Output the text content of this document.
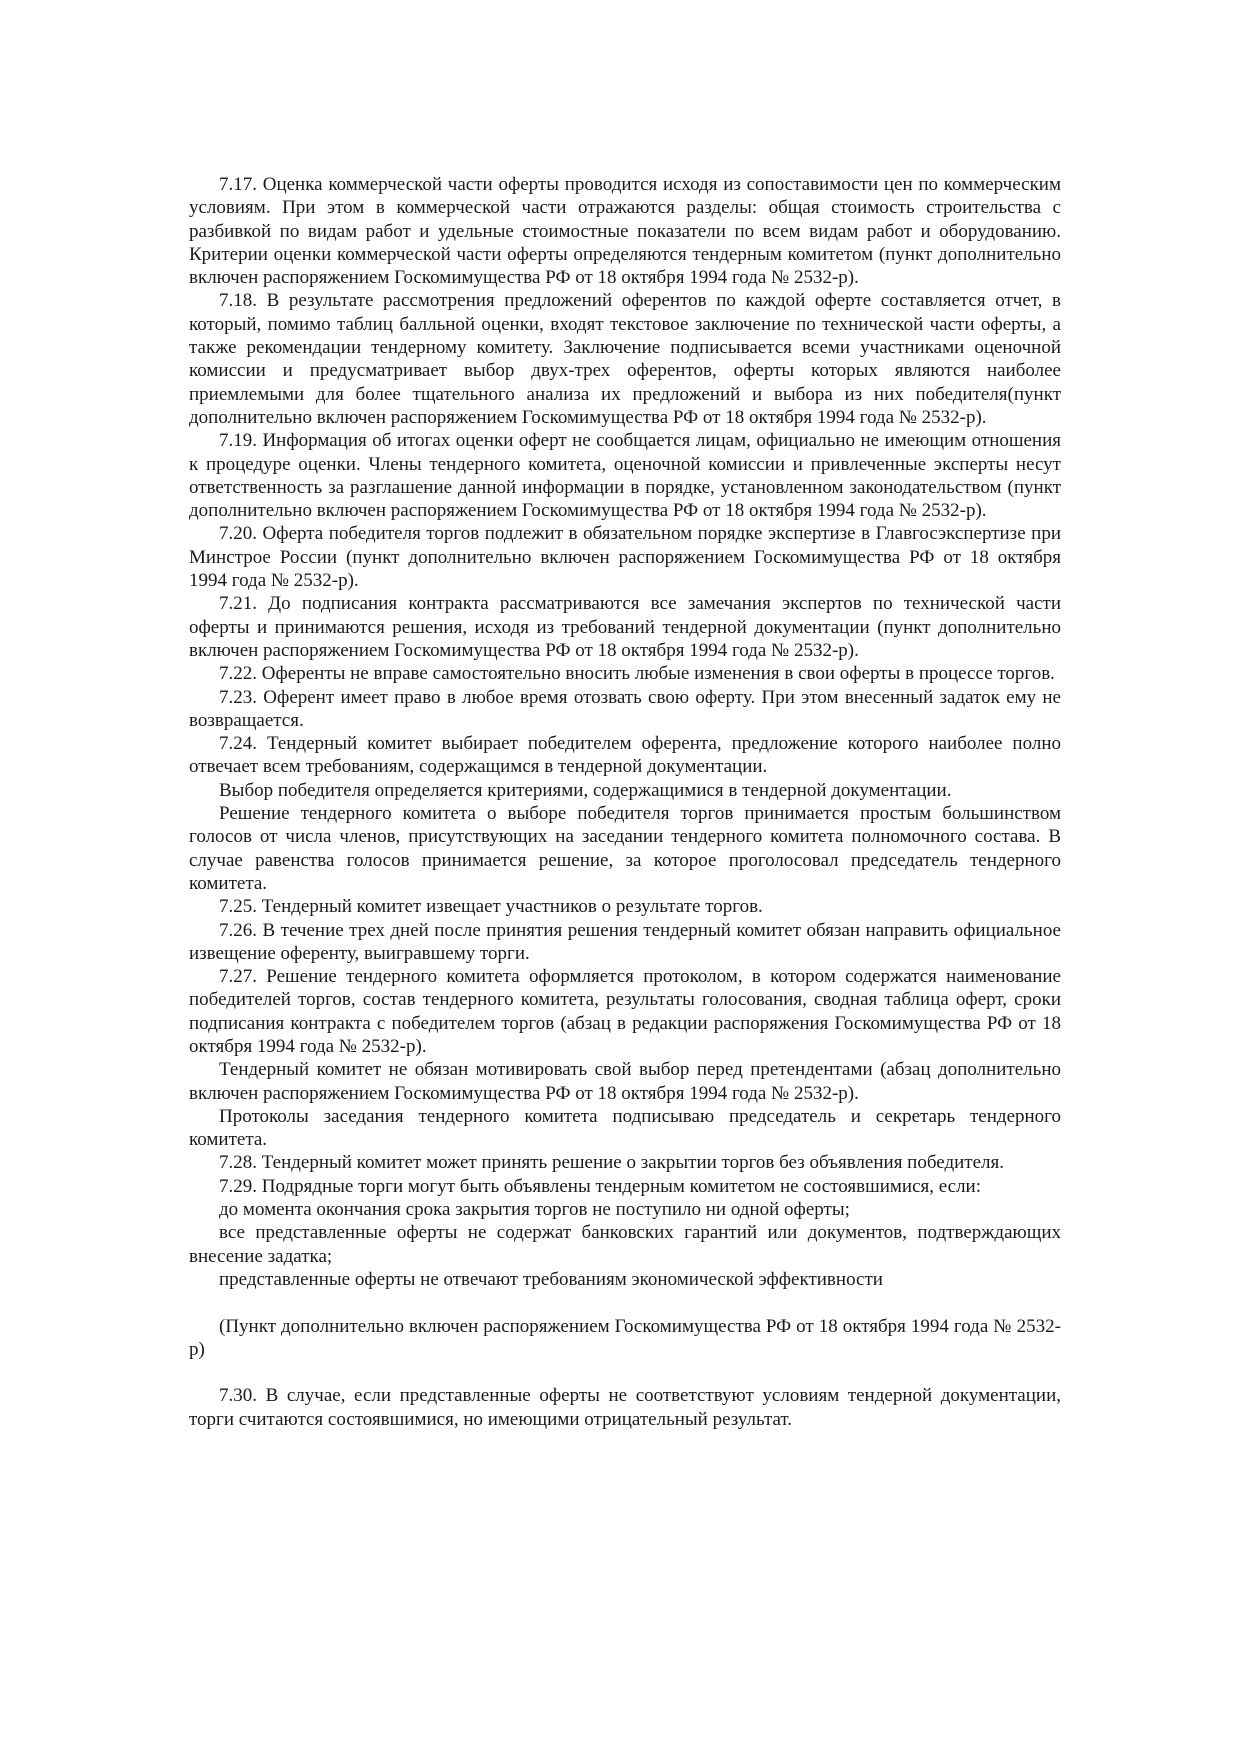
7.17. Оценка коммерческой части оферты проводится исходя из сопоставимости цен по коммерческим условиям. При этом в коммерческой части отражаются разделы: общая стоимость строительства с разбивкой по видам работ и удельные стоимостные показатели по всем видам работ и оборудованию. Критерии оценки коммерческой части оферты определяются тендерным комитетом (пункт дополнительно включен распоряжением Госкомимущества РФ от 18 октября 1994 года № 2532-р).

7.18. В результате рассмотрения предложений оферентов по каждой оферте составляется отчет, в который, помимо таблиц балльной оценки, входят текстовое заключение по технической части оферты, а также рекомендации тендерному комитету. Заключение подписывается всеми участниками оценочной комиссии и предусматривает выбор двух-трех оферентов, оферты которых являются наиболее приемлемыми для более тщательного анализа их предложений и выбора из них победителя(пункт дополнительно включен распоряжением Госкомимущества РФ от 18 октября 1994 года № 2532-р).

7.19. Информация об итогах оценки оферт не сообщается лицам, официально не имеющим отношения к процедуре оценки. Члены тендерного комитета, оценочной комиссии и привлеченные эксперты несут ответственность за разглашение данной информации в порядке, установленном законодательством (пункт дополнительно включен распоряжением Госкомимущества РФ от 18 октября 1994 года № 2532-р).

7.20. Оферта победителя торгов подлежит в обязательном порядке экспертизе в Главгосэкспертизе при Минстрое России (пункт дополнительно включен распоряжением Госкомимущества РФ от 18 октября 1994 года № 2532-р).

7.21. До подписания контракта рассматриваются все замечания экспертов по технической части оферты и принимаются решения, исходя из требований тендерной документации (пункт дополнительно включен распоряжением Госкомимущества РФ от 18 октября 1994 года № 2532-р).

7.22. Оференты не вправе самостоятельно вносить любые изменения в свои оферты в процессе торгов.

7.23. Оферент имеет право в любое время отозвать свою оферту. При этом внесенный задаток ему не возвращается.

7.24. Тендерный комитет выбирает победителем оферента, предложение которого наиболее полно отвечает всем требованиям, содержащимся в тендерной документации.

Выбор победителя определяется критериями, содержащимися в тендерной документации.

Решение тендерного комитета о выборе победителя торгов принимается простым большинством голосов от числа членов, присутствующих на заседании тендерного комитета полномочного состава. В случае равенства голосов принимается решение, за которое проголосовал председатель тендерного комитета.

7.25. Тендерный комитет извещает участников о результате торгов.

7.26. В течение трех дней после принятия решения тендерный комитет обязан направить официальное извещение оференту, выигравшему торги.

7.27. Решение тендерного комитета оформляется протоколом, в котором содержатся наименование победителей торгов, состав тендерного комитета, результаты голосования, сводная таблица оферт, сроки подписания контракта с победителем торгов (абзац в редакции распоряжения Госкомимущества РФ от 18 октября 1994 года № 2532-р).

Тендерный комитет не обязан мотивировать свой выбор перед претендентами (абзац дополнительно включен распоряжением Госкомимущества РФ от 18 октября 1994 года № 2532-р).

Протоколы заседания тендерного комитета подписываю председатель и секретарь тендерного комитета.

7.28. Тендерный комитет может принять решение о закрытии торгов без объявления победителя.

7.29. Подрядные торги могут быть объявлены тендерным комитетом не состоявшимися, если:

до момента окончания срока закрытия торгов не поступило ни одной оферты;

все представленные оферты не содержат банковских гарантий или документов, подтверждающих внесение задатка;

представленные оферты не отвечают требованиям экономической эффективности

(Пункт дополнительно включен распоряжением Госкомимущества РФ от 18 октября 1994 года № 2532-р)

7.30. В случае, если представленные оферты не соответствуют условиям тендерной документации, торги считаются состоявшимися, но имеющими отрицательный результат.
